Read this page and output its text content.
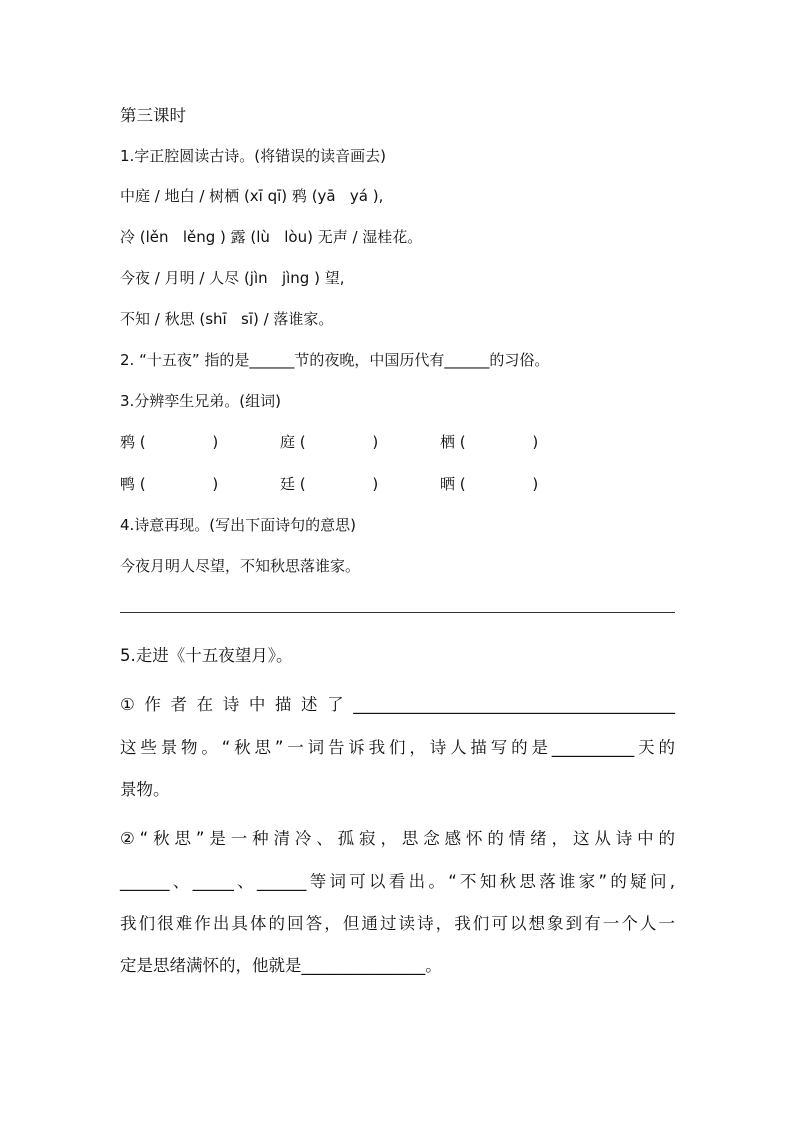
第三课时
1.字正腔圆读古诗。(将错误的读音画去)
中庭 / 地白 / 树栖 (xī qī) 鸦 (yā   yá ),
冷 (lěn   lěng ) 露 (lù   lòu) 无声 / 湿桂花。
今夜 / 月明 / 人尽 (jìn   jìng ) 望,
不知 / 秋思 (shī   sī) / 落谁家。
2. “十五夜” 指的是______节的夜晚，中国历代有______的习俗。
3.分辨孪生兄弟。(组词)
鸦 (              )	庭 (              )	栖 (              )
鸭 (              )	廷 (              )	晒 (              )
4.诗意再现。(写出下面诗句的意思)
今夜月明人尽望，不知秋思落谁家。
5.走进《十五夜望月》。
①作者在诗中描述了_______________________________________
这些景物。“秋思”一词告诉我们，诗人描写的是__________天的
景物。
②“秋思”是一种清冷、孤寂，思念感怀的情绪，这从诗中的
______、_____、______等词可以看出。“不知秋思落谁家”的疑问,
我们很难作出具体的回答，但通过读诗，我们可以想象到有一个人一
定是思绪满怀的，他就是_______________。
